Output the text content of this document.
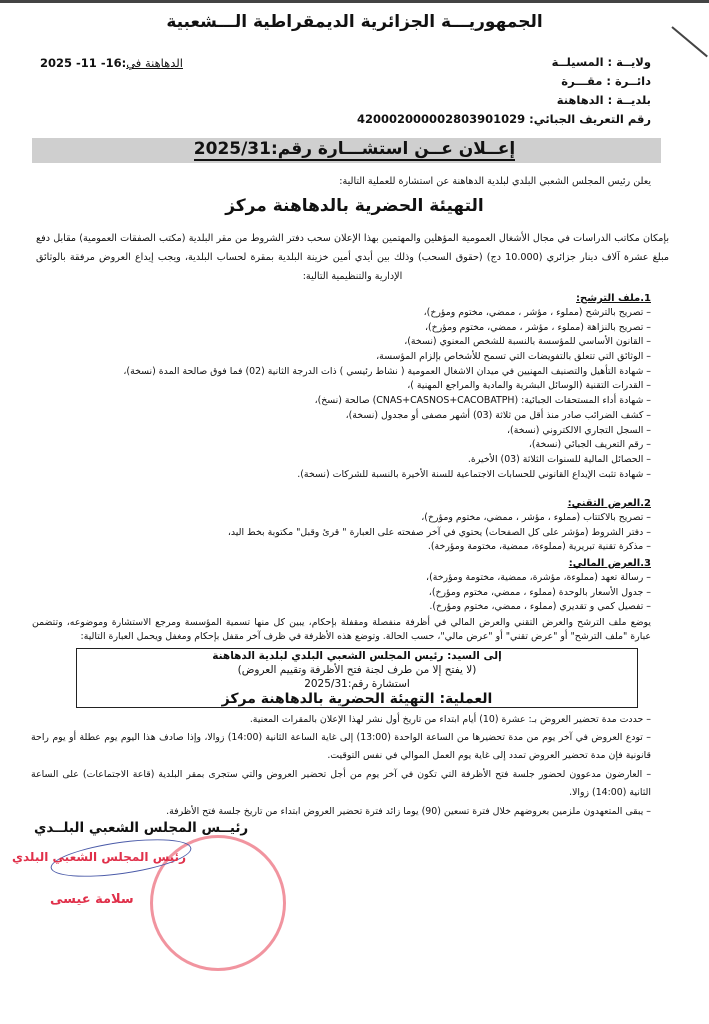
الجمهوريـــة الجزائرية الديمقراطية الـــشعبية
ولايــة : المسيلــة
دائــرة : مقـــرة
بلديــة : الدهاهنة
رقم التعريف الجبائي: 420002000002803901029
الدهاهنة في:16- 11- 2025
إعــلان عــن استشـــارة رقم:2025/31
يعلن رئيس المجلس الشعبي البلدي لبلدية الدهاهنة عن استشارة للعملية التالية:
التهيئة الحضرية بالدهاهنة مركز
بإمكان مكاتب الدراسات في مجال الأشغال العمومية المؤهلين والمهتمين بهذا الإعلان سحب دفتر الشروط من مقر البلدية (مكتب الصفقات العمومية) مقابل دفع مبلغ عشرة آلاف دينار جزائري (10.000 دج) (حقوق السحب) وذلك بين أيدي أمين خزينة البلدية بمقرة لحساب البلدية، ويجب إيداع العروض مرفقة بالوثائق الإدارية والتنظيمية التالية:
1.ملف الترشح:
– تصريح بالترشح (مملوء ، مؤشر ، ممضي، مختوم ومؤرخ)،
– تصريح بالنزاهة (مملوء ، مؤشر ، ممضي، مختوم ومؤرخ)،
– القانون الأساسي للمؤسسة بالنسبة للشخص المعنوي (نسخة)،
– الوثائق التي تتعلق بالتفويضات التي تسمح للأشخاص بإلزام المؤسسة،
– شهادة التأهيل والتصنيف المهنيين في ميدان الاشغال العمومية ( نشاط رئيسي ) ذات الدرجة الثانية (02) فما فوق صالحة المدة (نسخة)،
– القدرات التقنية (الوسائل البشرية والمادية والمراجع المهنية )،
– شهادة أداء المستحقات الجبائية: (CNAS+CASNOS+CACOBATPH) صالحة (نسخ)،
– كشف الضرائب صادر منذ أقل من ثلاثة (03) أشهر مصفى أو مجدول (نسخة)،
– السجل التجاري الالكتروني (نسخة)،
– رقم التعريف الجبائي (نسخة)،
– الحصائل المالية للسنوات الثلاثة (03) الأخيرة.
– شهادة تثبت الإيداع القانوني للحسابات الاجتماعية للسنة الأخيرة بالنسبة للشركات (نسخة).
2.العرض التقني:
– تصريح بالاكتتاب (مملوء ، مؤشر ، ممضي، مختوم ومؤرخ)،
– دفتر الشروط (مؤشر على كل الصفحات) يحتوي في آخر صفحته على العبارة " قرئ وقبل" مكتوبة بخط اليد،
– مذكرة تقنية تبريرية (مملوءة، ممضية، مختومة ومؤرخة).
3.العرض المالي:
– رسالة تعهد (مملوءة، مؤشرة، ممضية، مختومة ومؤرخة)،
– جدول الأسعار بالوحدة (مملوء ، ممضي، مختوم ومؤرخ)،
– تفصيل كمي و تقديري (مملوء ، ممضي، مختوم ومؤرخ).
يوضع ملف الترشح والعرض التقني والعرض المالي في أظرفة منفصلة ومقفلة بإحكام، يبين كل منها تسمية المؤسسة ومرجع الاستشارة وموضوعه، وتتضمن عبارة "ملف الترشح" أو "عرض تقني" أو "عرض مالي"، حسب الحالة. وتوضع هذه الأظرفة في ظرف آخر مقفل بإحكام ومغفل ويحمل العبارة التالية:
إلى السيد: رئيس المجلس الشعبي البلدي لبلدية الدهاهنة
(لا يفتح إلا من طرف لجنة فتح الأظرفة وتقييم العروض)
استشارة رقم:2025/31
العملية: التهيئة الحضرية بالدهاهنة مركز
– حددت مدة تحضير العروض بـ: عشرة (10) أيام ابتداء من تاريخ أول نشر لهذا الإعلان بالمقرات المعنية.
– تودع العروض في آخر يوم من مدة تحضيرها من الساعة الواحدة (13:00) إلى غاية الساعة الثانية (14:00) زوالا، وإذا صادف هذا اليوم يوم عطلة أو يوم راحة قانونية فإن مدة تحضير العروض تمدد إلى غاية يوم العمل الموالي في نفس التوقيت.
– العارضون مدعوون لحضور جلسة فتح الأظرفة التي تكون في آخر يوم من أجل تحضير العروض والتي ستجرى بمقر البلدية (قاعة الاجتماعات) على الساعة الثانية (14:00) زوالا.
– يبقى المتعهدون ملزمين بعروضهم خلال فترة تسعين (90) يوما زائد فترة تحضير العروض ابتداء من تاريخ جلسة فتح الأظرفة.
رئيــس المجلس الشعبي البلــدي
رئيس المجلس الشعبي البلدي
سلامة عيسى
